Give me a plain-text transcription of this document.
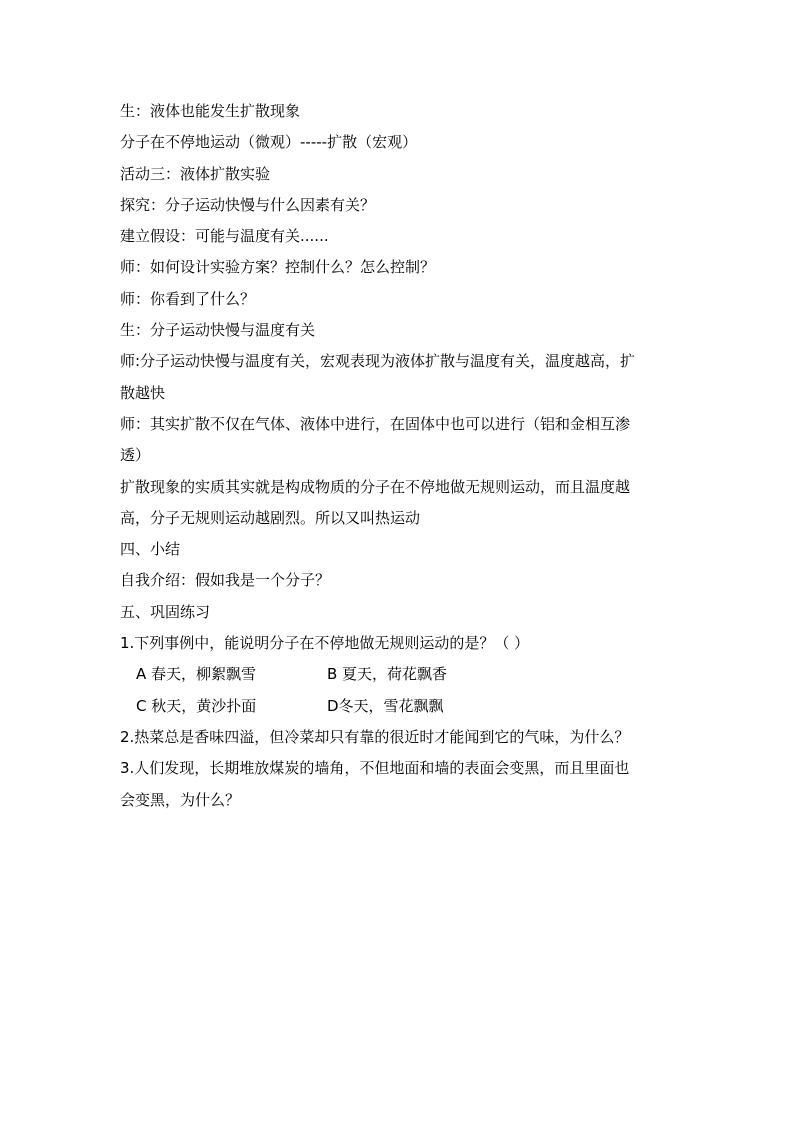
生：液体也能发生扩散现象
分子在不停地运动（微观）-----扩散（宏观）
活动三：液体扩散实验
探究：分子运动快慢与什么因素有关？
建立假设：可能与温度有关......
师：如何设计实验方案？控制什么？怎么控制？
师：你看到了什么？
生：分子运动快慢与温度有关
师:分子运动快慢与温度有关，宏观表现为液体扩散与温度有关，温度越高，扩
散越快
师：其实扩散不仅在气体、液体中进行，在固体中也可以进行（铝和金相互渗
透）
扩散现象的实质其实就是构成物质的分子在不停地做无规则运动，而且温度越
高，分子无规则运动越剧烈。所以又叫热运动
四、小结
自我介绍：假如我是一个分子？
五、巩固练习
1.下列事例中，能说明分子在不停地做无规则运动的是？（ ）
A 春天，柳絮飘雪	B 夏天，荷花飘香
C 秋天，黄沙扑面	D冬天，雪花飘飘
2.热菜总是香味四溢，但冷菜却只有靠的很近时才能闻到它的气味，为什么？
3.人们发现，长期堆放煤炭的墙角，不但地面和墙的表面会变黑，而且里面也
会变黑，为什么？
